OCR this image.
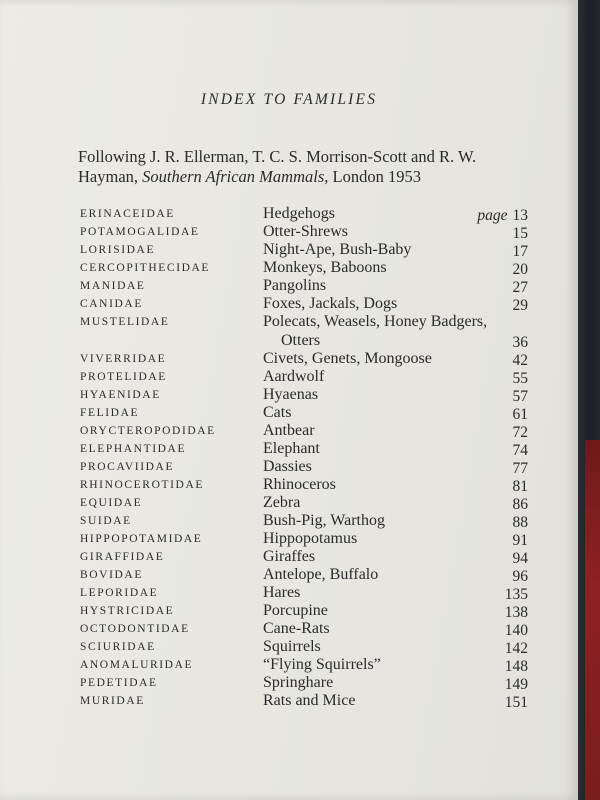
INDEX TO FAMILIES
Following J. R. Ellerman, T. C. S. Morrison-Scott and R. W.
Hayman, Southern African Mammals, London 1953
ERINACEIDAE	Hedgehogs	page 13
POTAMOGALIDAE	Otter-Shrews	15
LORISIDAE	Night-Ape, Bush-Baby	17
CERCOPITHECIDAE	Monkeys, Baboons	20
MANIDAE	Pangolins	27
CANIDAE	Foxes, Jackals, Dogs	29
MUSTELIDAE	Polecats, Weasels, Honey Badgers,
Otters	36
VIVERRIDAE	Civets, Genets, Mongoose	42
PROTELIDAE	Aardwolf	55
HYAENIDAE	Hyaenas	57
FELIDAE	Cats	61
ORYCTEROPODIDAE	Antbear	72
ELEPHANTIDAE	Elephant	74
PROCAVIIDAE	Dassies	77
RHINOCEROTIDAE	Rhinoceros	81
EQUIDAE	Zebra	86
SUIDAE	Bush-Pig, Warthog	88
HIPPOPOTAMIDAE	Hippopotamus	91
GIRAFFIDAE	Giraffes	94
BOVIDAE	Antelope, Buffalo	96
LEPORIDAE	Hares	135
HYSTRICIDAE	Porcupine	138
OCTODONTIDAE	Cane-Rats	140
SCIURIDAE	Squirrels	142
ANOMALURIDAE	“Flying Squirrels”	148
PEDETIDAE	Springhare	149
MURIDAE	Rats and Mice	151
